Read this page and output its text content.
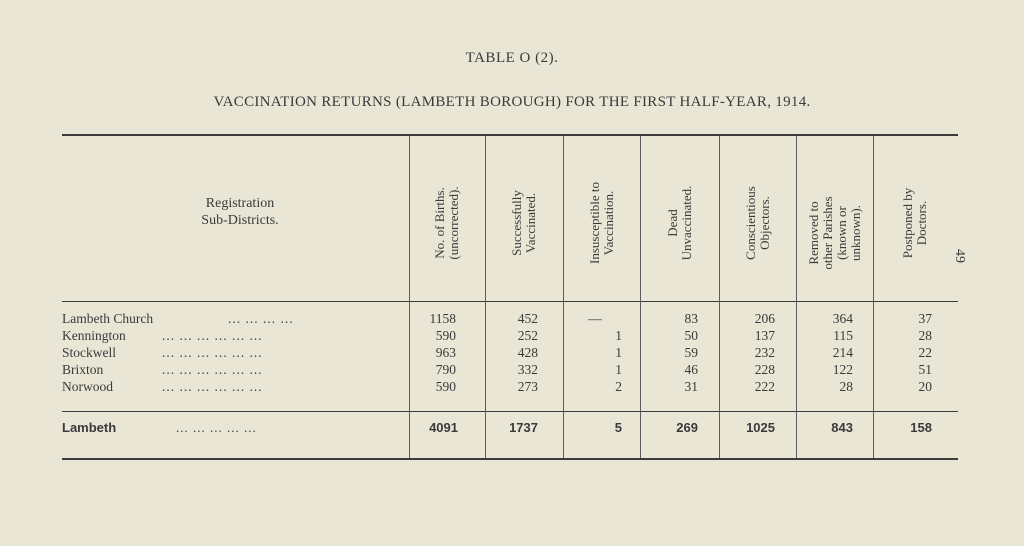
TABLE O (2).
VACCINATION RETURNS (LAMBETH BOROUGH) FOR THE FIRST HALF-YEAR, 1914.
49
Registration
Sub-Districts.	No. of Births. (uncorrected).	Successfully Vaccinated.	Insusceptible to Vaccination.	Dead Unvaccinated.	Conscientious Objectors.	Removed to other Parishes (known or unknown).	Postponed by Doctors.
Lambeth Church	... ... ... ...	1158	452	—	83	206	364	37
Kennington	... ... ... ... ... ...	590	252	1	50	137	115	28
Stockwell	... ... ... ... ... ...	963	428	1	59	232	214	22
Brixton	... ... ... ... ... ...	790	332	1	46	228	122	51
Norwood	... ... ... ... ... ...	590	273	2	31	222	28	20
Lambeth	... ... ... ... ...	4091	1737	5	269	1025	843	158
